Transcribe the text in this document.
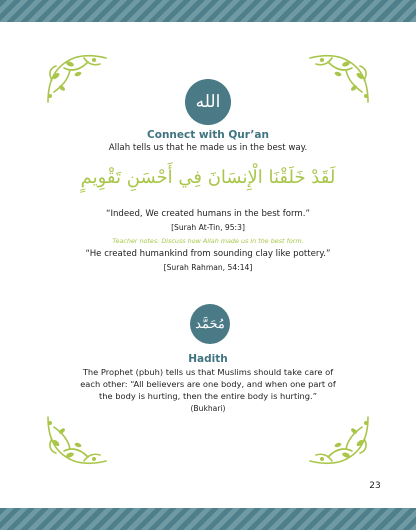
الله
Connect with Qur’an
Allah tells us that he made us in the best way.
لَقَدْ خَلَقْنَا الْإِنسَانَ فِي أَحْسَنِ تَقْوِيمٍ
“Indeed, We created humans in the best form.”
[Surah At-Tin, 95:3]
Teacher notes: Discuss how Allah made us in the best form.
“He created humankind from sounding clay like pottery.”
[Surah Rahman, 54:14]
مُحَمَّد
Hadith
The Prophet (pbuh) tells us that Muslims should take care of
each other: “All believers are one body, and when one part of
the body is hurting, then the entire body is hurting.”
(Bukhari)
23
